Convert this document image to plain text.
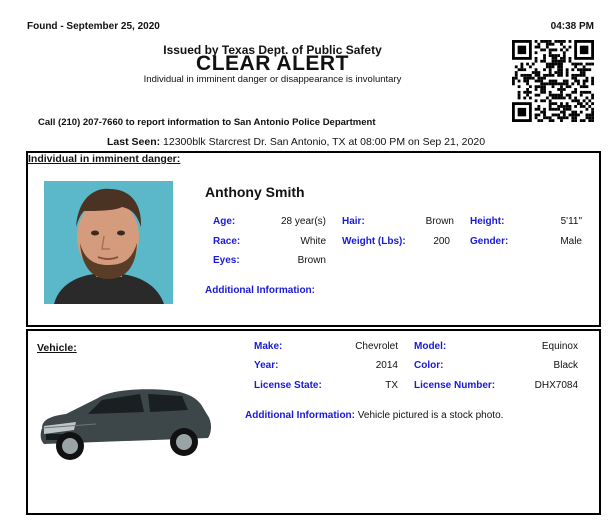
Found - September 25, 2020	04:38 PM
Issued by Texas Dept. of Public Safety
CLEAR ALERT
Individual in imminent danger or disappearance is involuntary
Call (210) 207-7660 to report information to San Antonio Police Department
Last Seen: 12300blk Starcrest Dr. San Antonio, TX at 08:00 PM on Sep 21, 2020
Individual in imminent danger:
Anthony Smith
Age:	28 year(s) Hair:	Brown Height:	5'11"
Race:	White Weight (Lbs):	200 Gender:	Male
Eyes:	Brown
Additional Information:
Vehicle:	Make:	Chevrolet Model:	Equinox
Year:	2014 Color:	Black
License State:	TX License Number:	DHX7084
Additional Information: Vehicle pictured is a stock photo.
